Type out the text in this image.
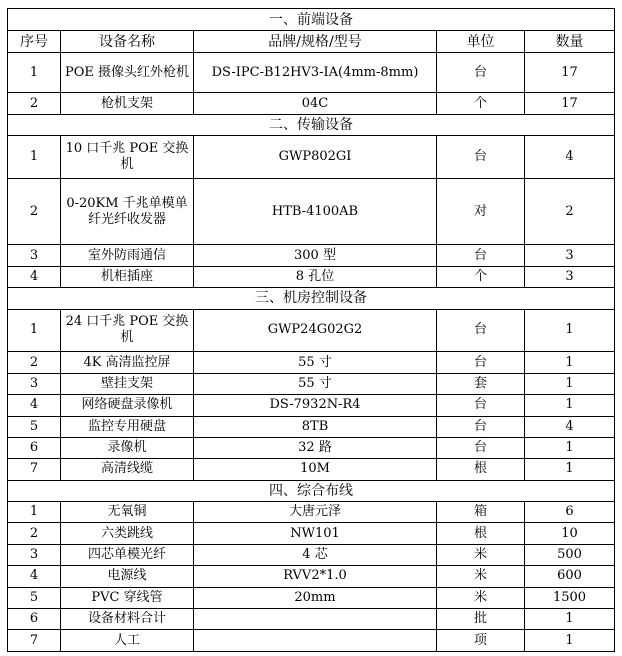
一、前端设备				
序号	设备名称	品牌/规格/型号	单位	数量
1	POE 摄像头红外枪机	DS-IPC-B12HV3-IA(4mm-8mm)	台	17
2	枪机支架	04C	个	17
二、传输设备				
1	10 口千兆 POE 交换机	GWP802GI	台	4
2	0-20KM 千兆单模单纤光纤收发器	HTB-4100AB	对	2
3	室外防雨通信	300 型	台	3
4	机柜插座	8 孔位	个	3
三、机房控制设备				
1	24 口千兆 POE 交换机	GWP24G02G2	台	1
2	4K 高清监控屏	55 寸	台	1
3	壁挂支架	55 寸	套	1
4	网络硬盘录像机	DS-7932N-R4	台	1
5	监控专用硬盘	8TB	台	4
6	录像机	32 路	台	1
7	高清线缆	10M	根	1
四、综合布线				
1	无氧铜	大唐元泽	箱	6
2	六类跳线	NW101	根	10
3	四芯单模光纤	4 芯	米	500
4	电源线	RVV2*1.0	米	600
5	PVC 穿线管	20mm	米	1500
6	设备材料合计		批	1
7	人工		项	1
